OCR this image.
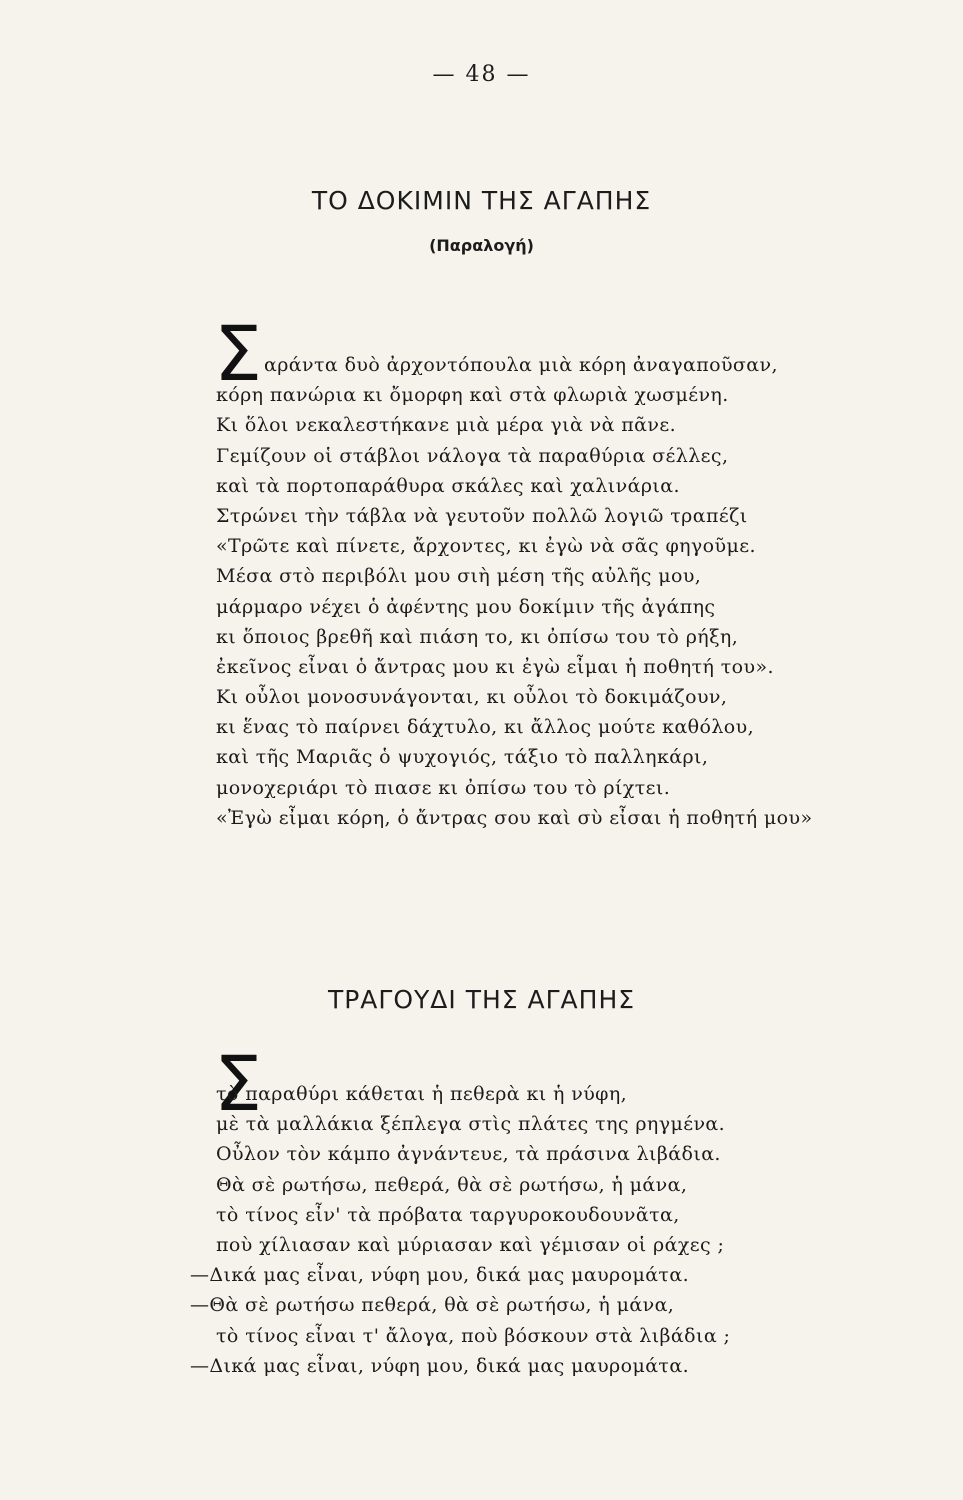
— 48 —
ΤΟ ΔΟΚΙΜΙΝ ΤΗΣ ΑΓΑΠΗΣ
(Παραλογή)
Σ αράντα δυὸ ἀρχοντόπουλα μιὰ κόρη ἀναγαποῦσαν,
κόρη πανώρια κι ὄμορφη καὶ στὰ φλωριὰ χωσμένη.
Κι ὅλοι νεκαλεστήκανε μιὰ μέρα γιὰ νὰ πᾶνε.
Γεμίζουν οἱ στάβλοι νάλογα τὰ παραθύρια σέλλες,
καὶ τὰ πορτοπαράθυρα σκάλες καὶ χαλινάρια.
Στρώνει τὴν τάβλα νὰ γευτοῦν πολλῶ λογιῶ τραπέζι
«Τρῶτε καὶ πίνετε, ἄρχοντες, κι ἐγὼ νὰ σᾶς φηγοῦμε.
Μέσα στὸ περιβόλι μου σιὴ μέση τῆς αὐλῆς μου,
μάρμαρο νέχει ὁ ἀφέντης μου δοκίμιν τῆς ἀγάπης
κι ὅποιος βρεθῆ καὶ πιάση το, κι ὀπίσω του τὸ ρήξη,
ἐκεῖνος εἶναι ὁ ἄντρας μου κι ἐγὼ εἶμαι ἡ ποθητή του».
Κι οὖλοι μονοσυνάγονται, κι οὖλοι τὸ δοκιμάζουν,
κι ἕνας τὸ παίρνει δάχτυλο, κι ἄλλος μούτε καθόλου,
καὶ τῆς Μαριᾶς ὁ ψυχογιός, τάξιο τὸ παλληκάρι,
μονοχεριάρι τὸ πιασε κι ὀπίσω του τὸ ρίχτει.
«Ἐγὼ εἶμαι κόρη, ὁ ἄντρας σου καὶ σὺ εἶσαι ἡ ποθητή μου»
ΤΡΑΓΟΥΔΙ ΤΗΣ ΑΓΑΠΗΣ
Σ
τὸ παραθύρι κάθεται ἡ πεθερὰ κι ἡ νύφη,
μὲ τὰ μαλλάκια ξέπλεγα στὶς πλάτες της ρηγμένα.
Οὖλον τὸν κάμπο ἀγνάντευε, τὰ πράσινα λιβάδια.
Θὰ σὲ ρωτήσω, πεθερά, θὰ σὲ ρωτήσω, ἡ μάνα,
τὸ τίνος εἶν' τὰ πρόβατα ταργυροκουδουνᾶτα,
ποὺ χίλιασαν καὶ μύριασαν καὶ γέμισαν οἱ ράχες ;
—Δικά μας εἶναι, νύφη μου, δικά μας μαυρομάτα.
—Θὰ σὲ ρωτήσω πεθερά, θὰ σὲ ρωτήσω, ἡ μάνα,
τὸ τίνος εἶναι τ' ἄλογα, ποὺ βόσκουν στὰ λιβάδια ;
—Δικά μας εἶναι, νύφη μου, δικά μας μαυρομάτα.
